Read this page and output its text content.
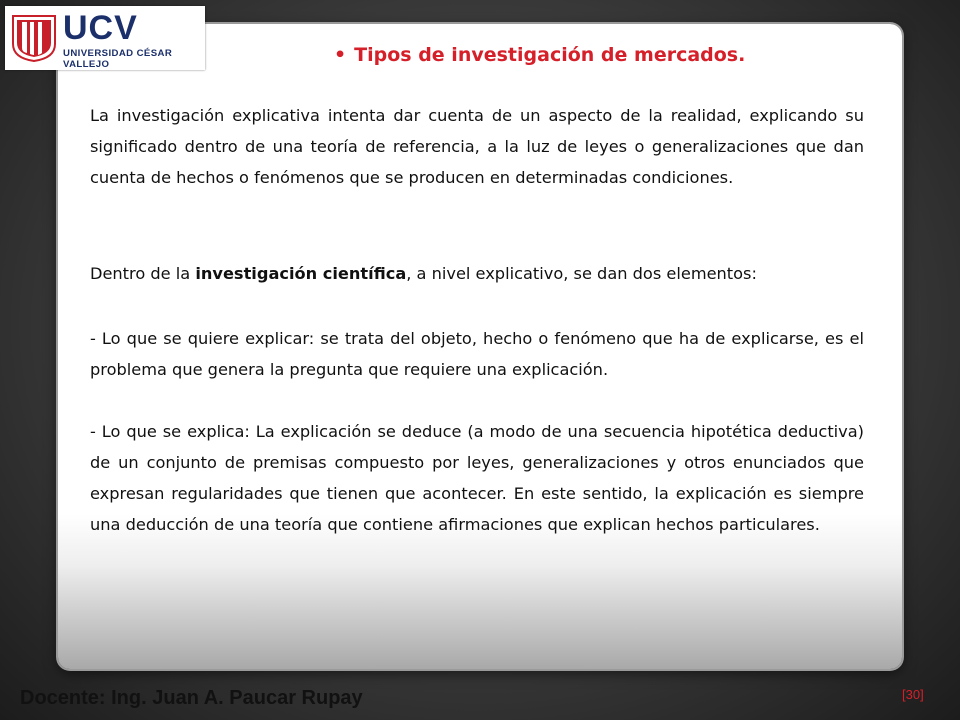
UCV
UNIVERSIDAD CÉSAR VALLEJO	• Tipos de investigación de mercados.

La investigación explicativa intenta dar cuenta de un aspecto de la realidad, explicando su significado dentro de una teoría de referencia, a la luz de leyes o generalizaciones que dan cuenta de hechos o fenómenos que se producen en determinadas condiciones.

Dentro de la investigación científica, a nivel explicativo, se dan dos elementos:

- Lo que se quiere explicar: se trata del objeto, hecho o fenómeno que ha de explicarse, es el problema que genera la pregunta que requiere una explicación.

- Lo que se explica: La explicación se deduce (a modo de una secuencia hipotética deductiva) de un conjunto de premisas compuesto por leyes, generalizaciones y otros enunciados que expresan regularidades que tienen que acontecer. En este sentido, la explicación es siempre una deducción de una teoría que contiene afirmaciones que explican hechos particulares.

Docente: Ing. Juan A. Paucar Rupay	[30]
